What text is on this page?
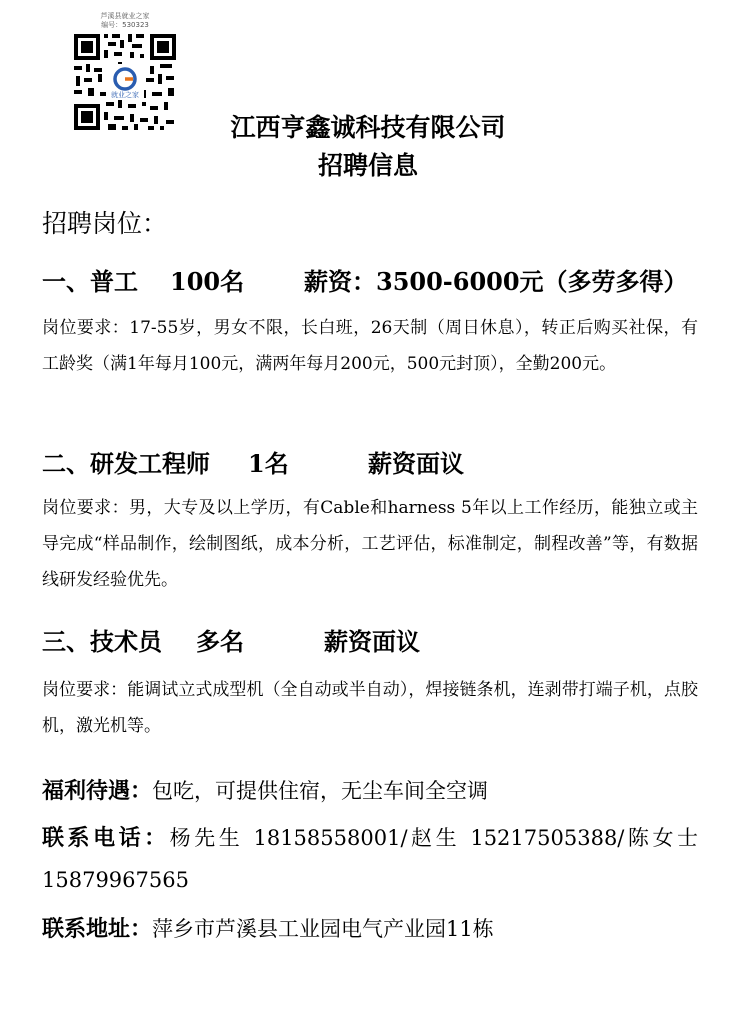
芦溪县就业之家
编号：530323
就业之家
江西亨鑫诚科技有限公司
招聘信息
招聘岗位：
一、普工 100名 薪资：3500-6000元（多劳多得）

岗位要求：17-55岁，男女不限，长白班，26天制（周日休息），转正后购买社保，有工龄奖（满1年每月100元，满两年每月200元，500元封顶），全勤200元。

二、研发工程师 1名	薪资面议

岗位要求：男，大专及以上学历，有Cable和harness 5年以上工作经历，能独立或主导完成“样品制作，绘制图纸，成本分析，工艺评估，标准制定，制程改善”等，有数据线研发经验优先。

三、技术员 多名	薪资面议

岗位要求：能调试立式成型机（全自动或半自动），焊接链条机，连剥带打端子机，点胶机，激光机等。

福利待遇：包吃，可提供住宿，无尘车间全空调

联系电话：杨先生 18158558001/赵生 15217505388/陈女士 15879967565

联系地址：萍乡市芦溪县工业园电气产业园11栋
